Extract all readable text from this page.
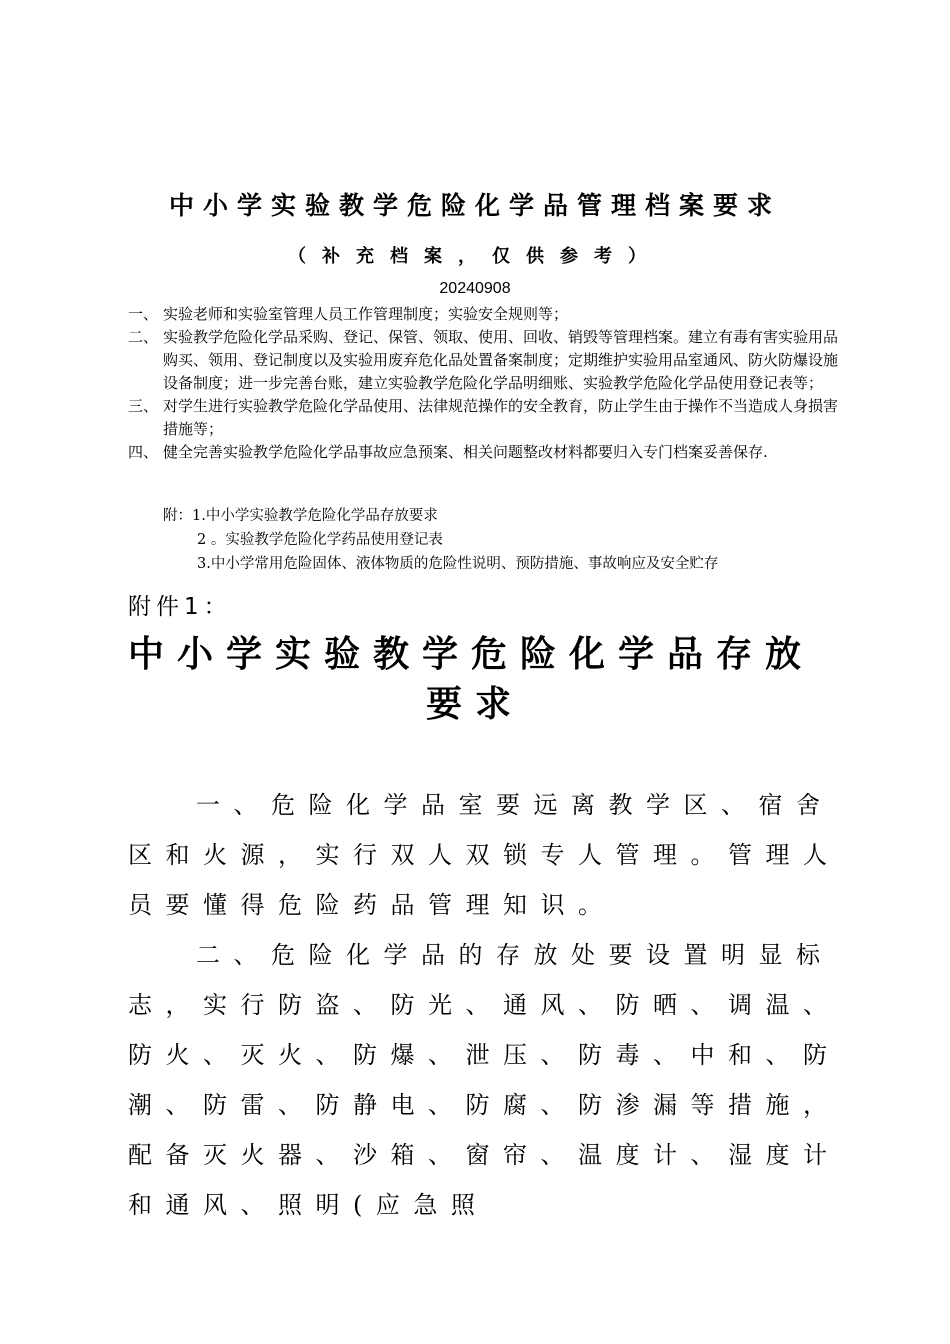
中小学实验教学危险化学品管理档案要求
（补充档案，仅供参考）
20240908
一、 实验老师和实验室管理人员工作管理制度；实验安全规则等；
二、 实验教学危险化学品采购、登记、保管、领取、使用、回收、销毁等管理档案。建立有毒有害实验用品购买、领用、登记制度以及实验用废弃危化品处置备案制度；定期维护实验用品室通风、防火防爆设施设备制度；进一步完善台账，建立实验教学危险化学品明细账、实验教学危险化学品使用登记表等；
三、 对学生进行实验教学危险化学品使用、法律规范操作的安全教育，防止学生由于操作不当造成人身损害措施等；
四、 健全完善实验教学危险化学品事故应急预案、相关问题整改材料都要归入专门档案妥善保存.
附：1.中小学实验教学危险化学品存放要求
2 。实验教学危险化学药品使用登记表
3.中小学常用危险固体、液体物质的危险性说明、预防措施、事故响应及安全贮存
附件1：
中小学实验教学危险化学品存放
要求

一、危险化学品室要远离教学区、宿舍区和火源，实行双人双锁专人管理。管理人员要懂得危险药品管理知识。

二、危险化学品的存放处要设置明显标志，实行防盗、防光、通风、防晒、调温、防火、灭火、防爆、泄压、防毒、中和、防潮、防雷、防静电、防腐、防渗漏等措施，配备灭火器、沙箱、窗帘、温度计、湿度计和通风、照明(应急照
